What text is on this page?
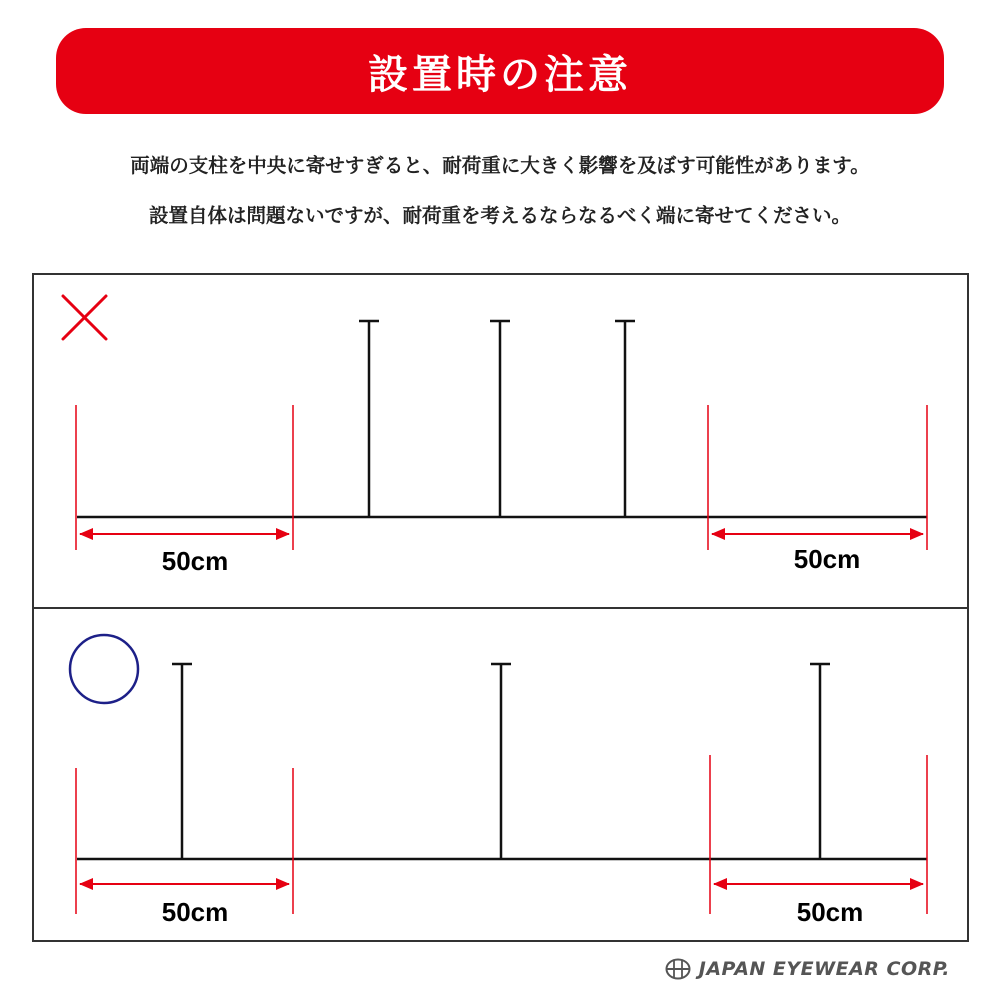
設置時の注意
両端の支柱を中央に寄せすぎると、耐荷重に大きく影響を及ぼす可能性があります。
設置自体は問題ないですが、耐荷重を考えるならなるべく端に寄せてください。
50cm	50cm
50cm	50cm
JAPAN EYEWEAR CORP.
